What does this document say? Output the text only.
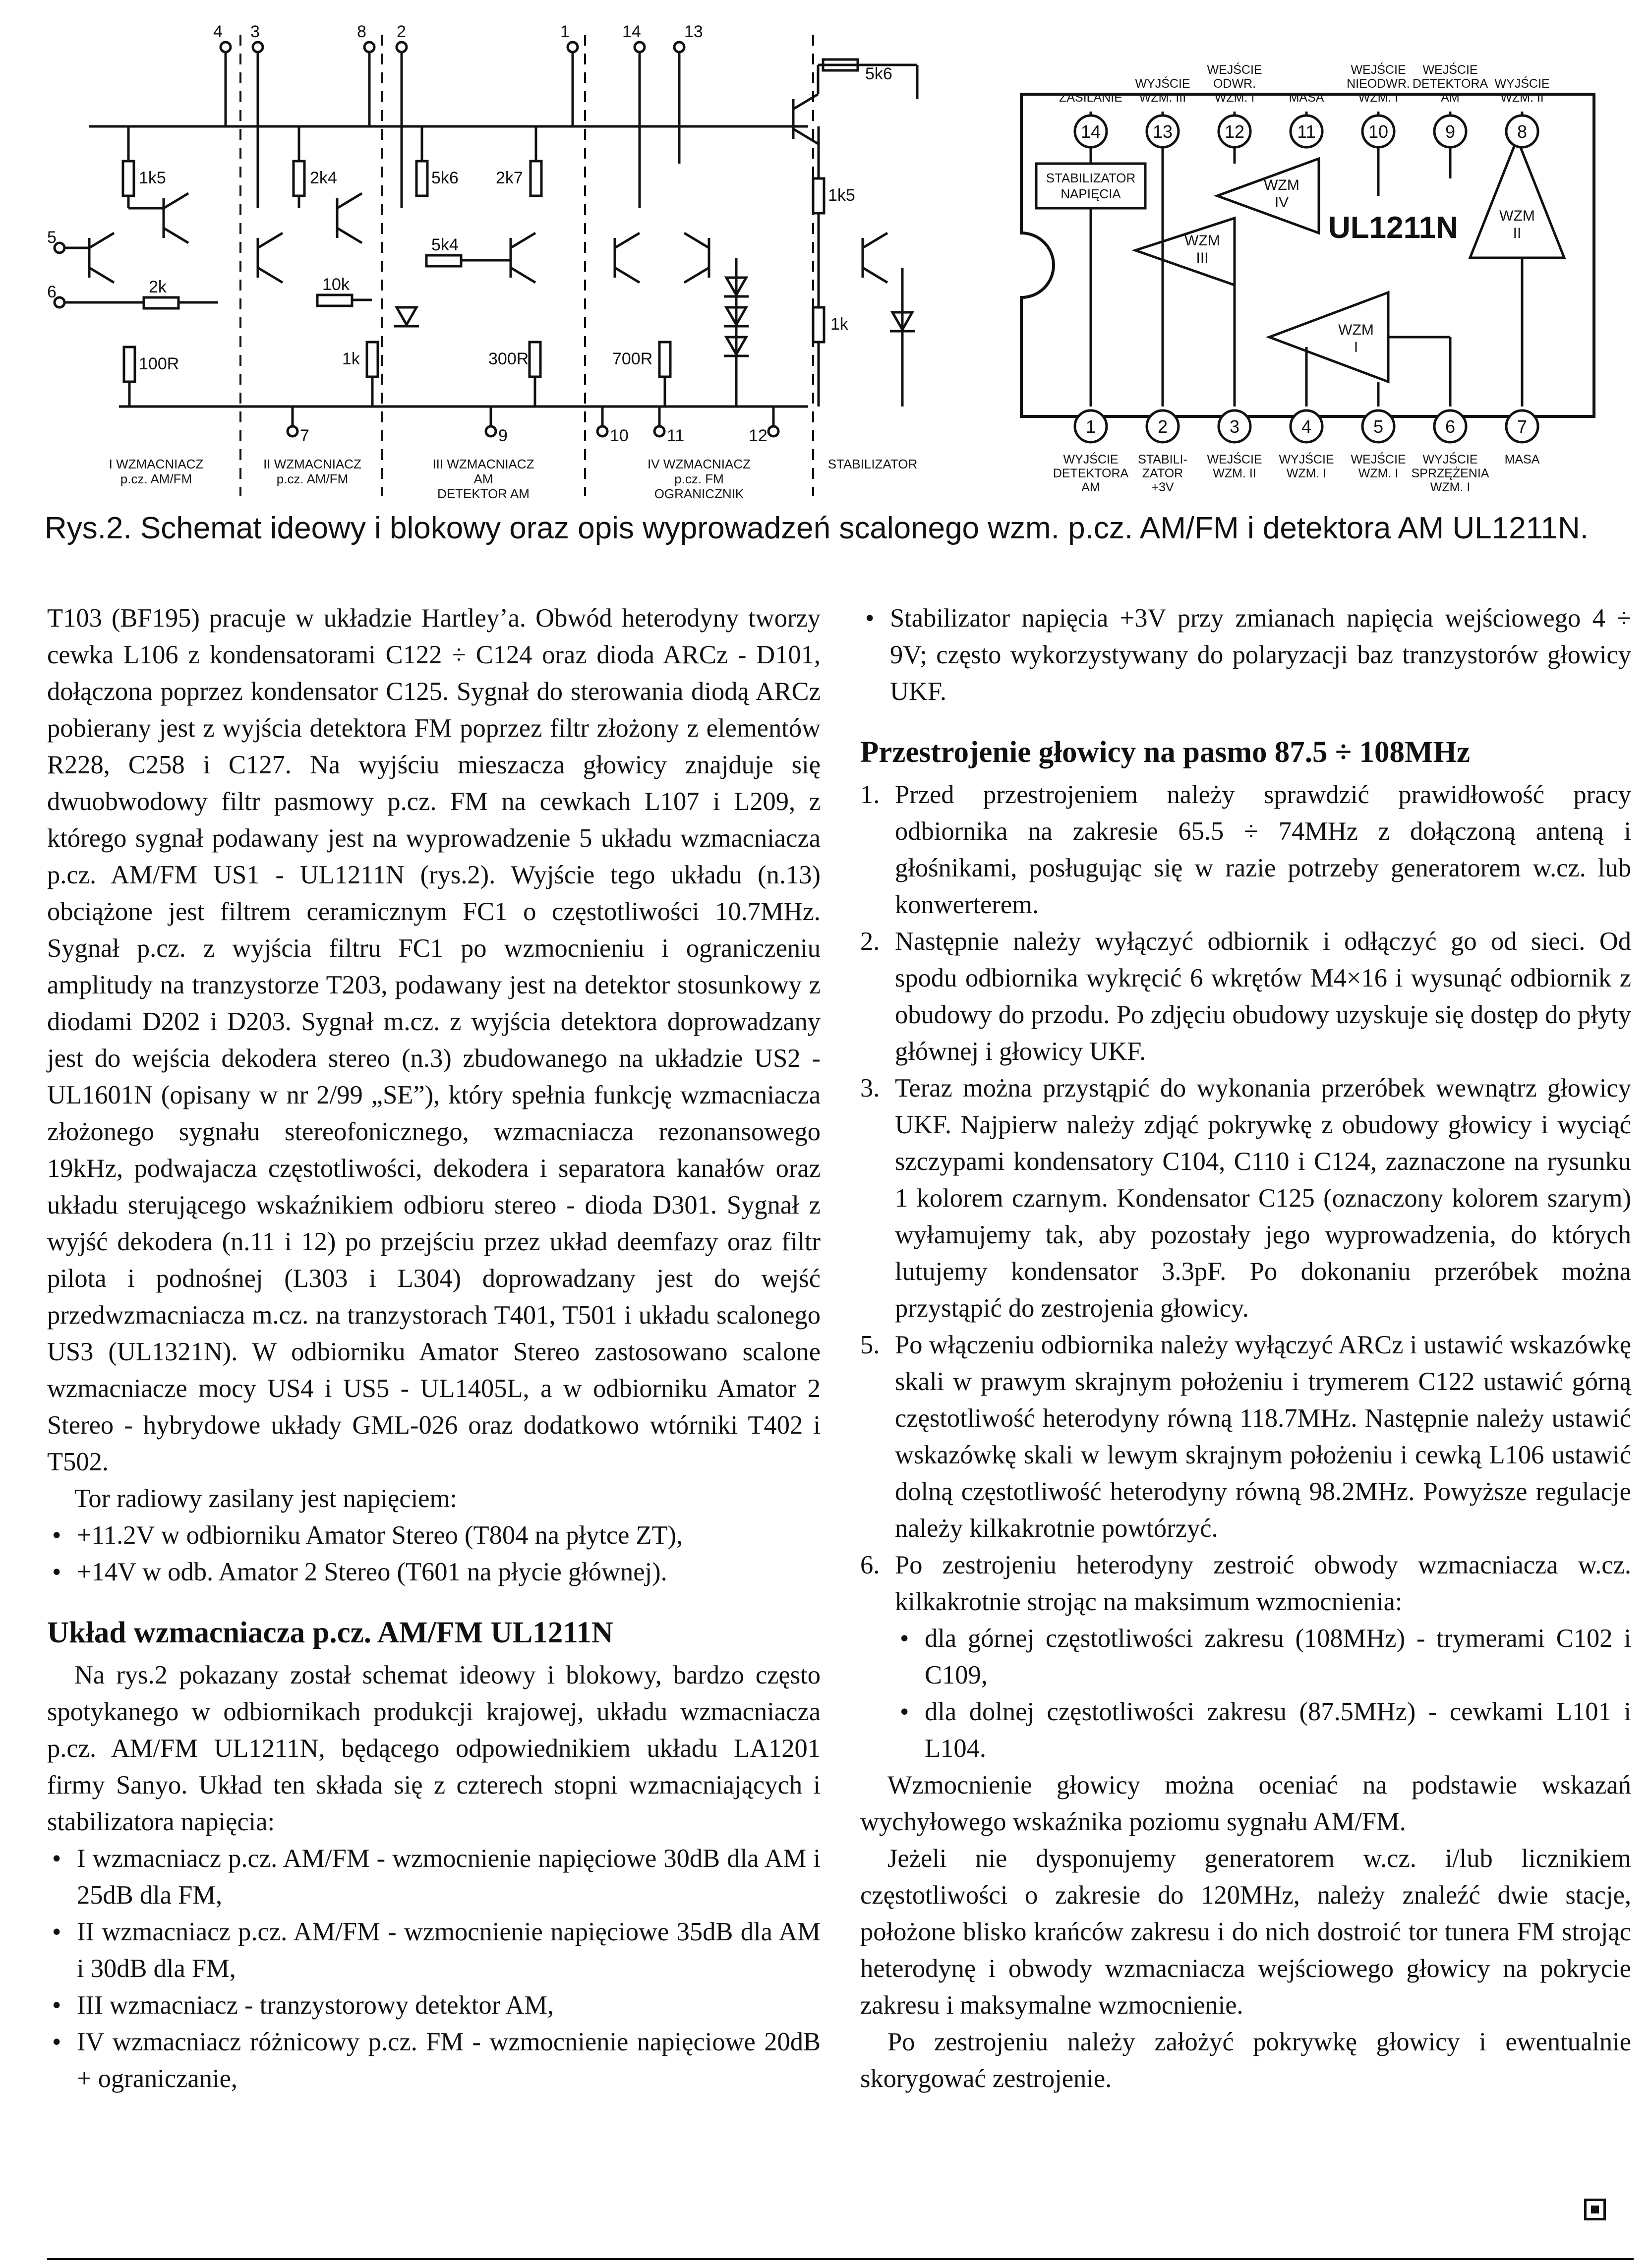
4 3	8 2	1	14	13
5
6
7	9	10 11	12
1k5	2k4	5k6 2k7
5k6
1k5
5k4
2k	10k
1k	300R
100R	700R
1k
I WZMACNIACZ
p.cz. AM/FM
II WZMACNIACZ
p.cz. AM/FM
III WZMACNIACZ
AM
DETEKTOR AM
IV WZMACNIACZ
p.cz. FM
OGRANICZNIK
STABILIZATOR
14	13	12	11	10	9	8
1	2	3	4	5	6	7
STABILIZATOR
NAPIĘCIA
WZM
IV
WZM
III
WZM
II
WZM
I
UL1211N
ZASILANIE
WYJŚCIE
WZM. III
WEJŚCIE
ODWR.
WZM. I	MASA
WEJŚCIE
NIEODWR.
WZM. I
WEJŚCIE
DETEKTORA
AM
WYJŚCIE
WZM. II
WYJŚCIE
DETEKTORA
AM
STABILI-
ZATOR
+3V
WEJŚCIE
WZM. II
WYJŚCIE
WZM. I
WEJŚCIE
WZM. I
WYJŚCIE
SPRZĘŻENIA
WZM. I
MASA
Rys.2. Schemat ideowy i blokowy oraz opis wyprowadzeń scalonego wzm. p.cz. AM/FM i detektora AM UL1211N.

T103 (BF195) pracuje w układzie Hartley’a. Obwód heterodyny tworzy cewka L106 z kondensatorami C122 ÷ C124 oraz dioda ARCz - D101, dołączona poprzez kondensator C125. Sygnał do sterowania diodą ARCz pobierany jest z wyjścia detektora FM poprzez filtr złożony z elementów R228, C258 i C127. Na wyjściu mieszacza głowicy znajduje się dwuobwodowy filtr pasmowy p.cz. FM na cewkach L107 i L209, z którego sygnał podawany jest na wyprowadzenie 5 układu wzmacniacza p.cz. AM/FM US1 - UL1211N (rys.2). Wyjście tego układu (n.13) obciążone jest filtrem ceramicznym FC1 o częstotliwości 10.7MHz. Sygnał p.cz. z wyjścia filtru FC1 po wzmocnieniu i ograniczeniu amplitudy na tranzystorze T203, podawany jest na detektor stosunkowy z diodami D202 i D203. Sygnał m.cz. z wyjścia detektora doprowadzany jest do wejścia dekodera stereo (n.3) zbudowanego na układzie US2 - UL1601N (opisany w nr 2/99 „SE”), który spełnia funkcję wzmacniacza złożonego sygnału stereofonicznego, wzmacniacza rezonansowego 19kHz, podwajacza częstotliwości, dekodera i separatora kanałów oraz układu sterującego wskaźnikiem odbioru stereo - dioda D301. Sygnał z wyjść dekodera (n.11 i 12) po przejściu przez układ deemfazy oraz filtr pilota i podnośnej (L303 i L304) doprowadzany jest do wejść przedwzmacniacza m.cz. na tranzystorach T401, T501 i układu scalonego US3 (UL1321N). W odbiorniku Amator Stereo zastosowano scalone wzmacniacze mocy US4 i US5 - UL1405L, a w odbiorniku Amator 2 Stereo - hybrydowe układy GML-026 oraz dodatkowo wtórniki T402 i T502.

Tor radiowy zasilany jest napięciem:

• +11.2V w odbiorniku Amator Stereo (T804 na płytce ZT),
• +14V w odb. Amator 2 Stereo (T601 na płycie głównej).
Układ wzmacniacza p.cz. AM/FM UL1211N

Na rys.2 pokazany został schemat ideowy i blokowy, bardzo często spotykanego w odbiornikach produkcji krajowej, układu wzmacniacza p.cz. AM/FM UL1211N, będącego odpowiednikiem układu LA1201 firmy Sanyo. Układ ten składa się z czterech stopni wzmacniających i stabilizatora napięcia:

• I wzmacniacz p.cz. AM/FM - wzmocnienie napięciowe 30dB dla AM i 25dB dla FM,
• II wzmacniacz p.cz. AM/FM - wzmocnienie napięciowe 35dB dla AM i 30dB dla FM,
• III wzmacniacz - tranzystorowy detektor AM,
• IV wzmacniacz różnicowy p.cz. FM - wzmocnienie napięciowe 20dB + ograniczanie,
• Stabilizator napięcia +3V przy zmianach napięcia wejściowego 4 ÷ 9V; często wykorzystywany do polaryzacji baz tranzystorów głowicy UKF.
Przestrojenie głowicy na pasmo 87.5 ÷ 108MHz
1. Przed przestrojeniem należy sprawdzić prawidłowość pracy odbiornika na zakresie 65.5 ÷ 74MHz z dołączoną anteną i głośnikami, posługując się w razie potrzeby generatorem w.cz. lub konwerterem.
2. Następnie należy wyłączyć odbiornik i odłączyć go od sieci. Od spodu odbiornika wykręcić 6 wkrętów M4×16 i wysunąć odbiornik z obudowy do przodu. Po zdjęciu obudowy uzyskuje się dostęp do płyty głównej i głowicy UKF.
3. Teraz można przystąpić do wykonania przeróbek wewnątrz głowicy UKF. Najpierw należy zdjąć pokrywkę z obudowy głowicy i wyciąć szczypami kondensatory C104, C110 i C124, zaznaczone na rysunku 1 kolorem czarnym. Kondensator C125 (oznaczony kolorem szarym) wyłamujemy tak, aby pozostały jego wyprowadzenia, do których lutujemy kondensator 3.3pF. Po dokonaniu przeróbek można przystąpić do zestrojenia głowicy.
5. Po włączeniu odbiornika należy wyłączyć ARCz i ustawić wskazówkę skali w prawym skrajnym położeniu i trymerem C122 ustawić górną częstotliwość heterodyny równą 118.7MHz. Następnie należy ustawić wskazówkę skali w lewym skrajnym położeniu i cewką L106 ustawić dolną częstotliwość heterodyny równą 98.2MHz. Powyższe regulacje należy kilkakrotnie powtórzyć.
6. Po zestrojeniu heterodyny zestroić obwody wzmacniacza w.cz. kilkakrotnie strojąc na maksimum wzmocnienia:
• dla górnej częstotliwości zakresu (108MHz) - trymerami C102 i C109,
• dla dolnej częstotliwości zakresu (87.5MHz) - cewkami L101 i L104.

Wzmocnienie głowicy można oceniać na podstawie wskazań wychyłowego wskaźnika poziomu sygnału AM/FM.

Jeżeli nie dysponujemy generatorem w.cz. i/lub licznikiem częstotliwości o zakresie do 120MHz, należy znaleźć dwie stacje, położone blisko krańców zakresu i do nich dostroić tor tunera FM strojąc heterodynę i obwody wzmacniacza wejściowego głowicy na pokrycie zakresu i maksymalne wzmocnienie.

Po zestrojeniu należy założyć pokrywkę głowicy i ewentualnie skorygować zestrojenie.
